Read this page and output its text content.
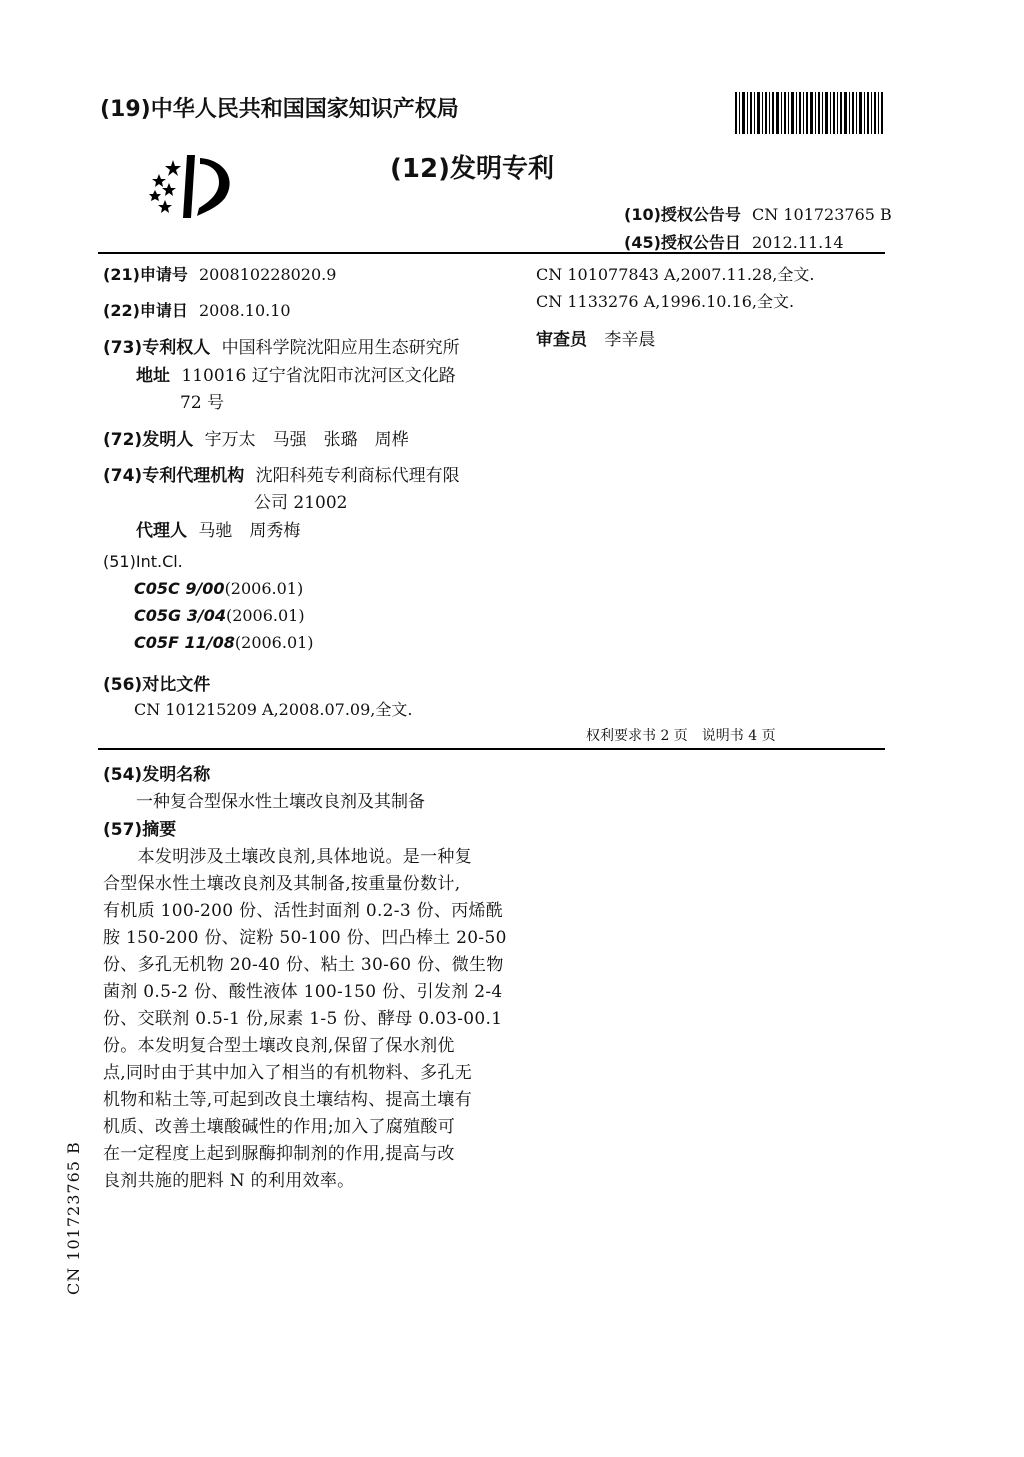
(19)中华人民共和国国家知识产权局
(12)发明专利
(10)授权公告号 CN 101723765 B
(45)授权公告日 2012.11.14
(21)申请号 200810228020.9
(22)申请日 2008.10.10
(73)专利权人 中国科学院沈阳应用生态研究所
地址 110016 辽宁省沈阳市沈河区文化路
72 号
(72)发明人 宇万太　马强　张璐　周桦
(74)专利代理机构 沈阳科苑专利商标代理有限
公司 21002
代理人 马驰　周秀梅
(51)Int.Cl.
C05C 9/00(2006.01)
C05G 3/04(2006.01)
C05F 11/08(2006.01)
(56)对比文件
CN 101215209 A,2008.07.09,全文.
CN 101077843 A,2007.11.28,全文.
CN 1133276 A,1996.10.16,全文.
审查员 李辛晨
权利要求书 2 页　说明书 4 页
(54)发明名称
一种复合型保水性土壤改良剂及其制备
(57)摘要
　　本发明涉及土壤改良剂,具体地说。是一种复
合型保水性土壤改良剂及其制备,按重量份数计,
有机质 100-200 份、活性封面剂 0.2-3 份、丙烯酰
胺 150-200 份、淀粉 50-100 份、凹凸棒土 20-50
份、多孔无机物 20-40 份、粘土 30-60 份、微生物
菌剂 0.5-2 份、酸性液体 100-150 份、引发剂 2-4
份、交联剂 0.5-1 份,尿素 1-5 份、酵母 0.03-00.1
份。本发明复合型土壤改良剂,保留了保水剂优
点,同时由于其中加入了相当的有机物料、多孔无
机物和粘土等,可起到改良土壤结构、提高土壤有
机质、改善土壤酸碱性的作用;加入了腐殖酸可
在一定程度上起到脲酶抑制剂的作用,提高与改
良剂共施的肥料 N 的利用效率。
CN 101723765 B
